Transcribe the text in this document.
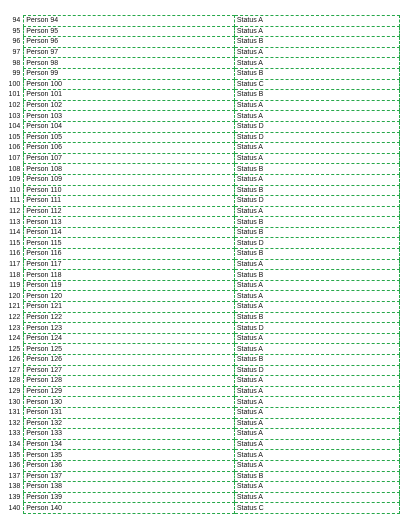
94	Person 94	Status A
95	Person 95	Status A
96	Person 96	Status B
97	Person 97	Status A
98	Person 98	Status A
99	Person 99	Status B
100	Person 100	Status C
101	Person 101	Status B
102	Person 102	Status A
103	Person 103	Status A
104	Person 104	Status D
105	Person 105	Status D
106	Person 106	Status A
107	Person 107	Status A
108	Person 108	Status B
109	Person 109	Status A
110	Person 110	Status B
111	Person 111	Status D
112	Person 112	Status A
113	Person 113	Status B
114	Person 114	Status B
115	Person 115	Status D
116	Person 116	Status B
117	Person 117	Status A
118	Person 118	Status B
119	Person 119	Status A
120	Person 120	Status A
121	Person 121	Status A
122	Person 122	Status B
123	Person 123	Status D
124	Person 124	Status A
125	Person 125	Status A
126	Person 126	Status B
127	Person 127	Status D
128	Person 128	Status A
129	Person 129	Status A
130	Person 130	Status A
131	Person 131	Status A
132	Person 132	Status A
133	Person 133	Status A
134	Person 134	Status A
135	Person 135	Status A
136	Person 136	Status A
137	Person 137	Status B
138	Person 138	Status A
139	Person 139	Status A
140	Person 140	Status C
